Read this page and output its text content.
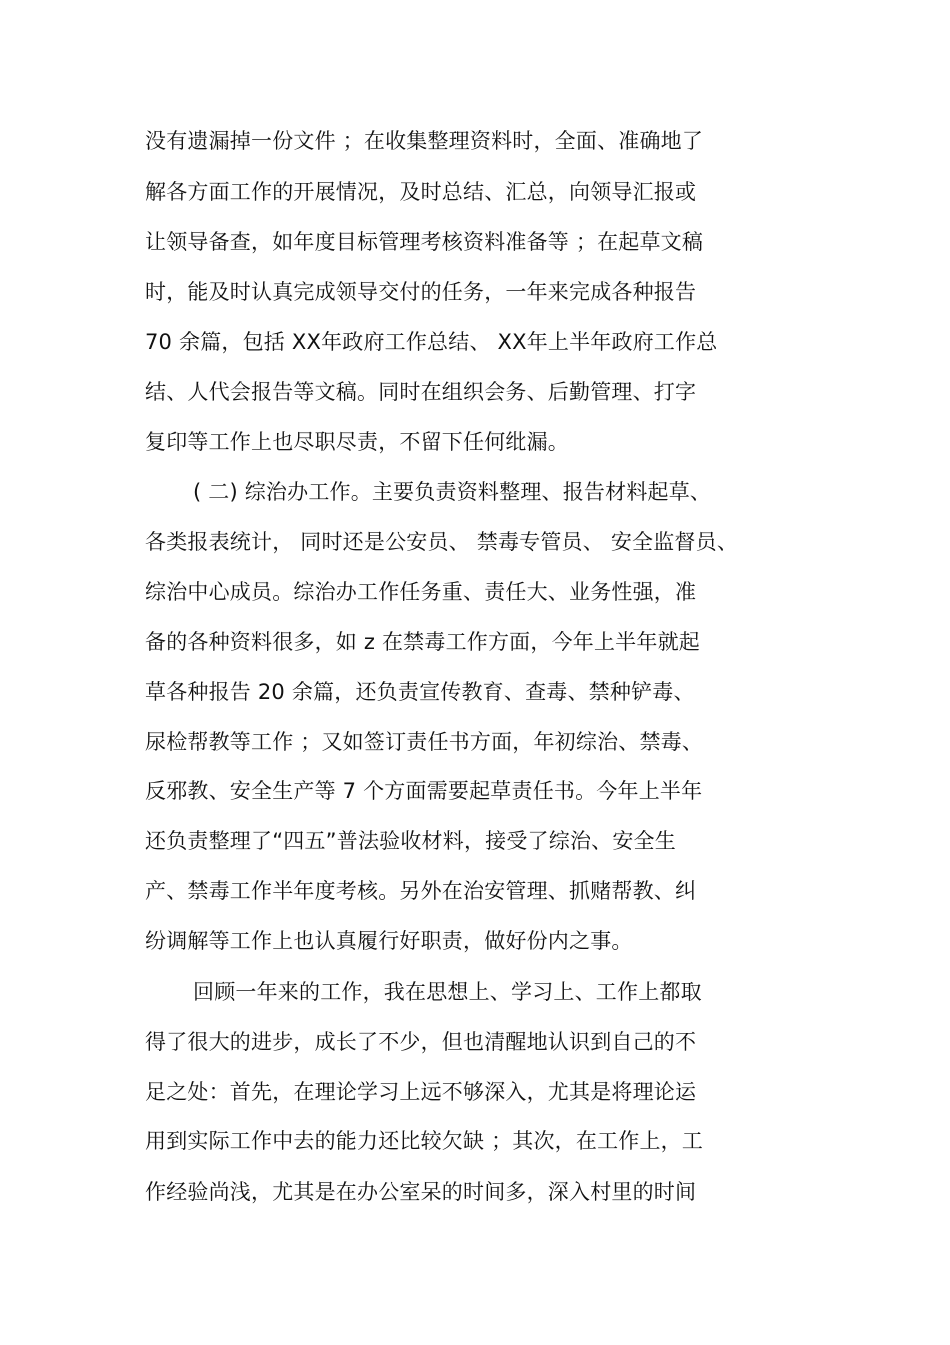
没有遗漏掉一份文件 ；在收集整理资料时，全面、准确地了
解各方面工作的开展情况，及时总结、汇总，向领导汇报或
让领导备查，如年度目标管理考核资料准备等 ；在起草文稿
时，能及时认真完成领导交付的任务，一年来完成各种报告
70 余篇，包括 XX年政府工作总结、 XX年上半年政府工作总
结、人代会报告等文稿。同时在组织会务、后勤管理、打字
复印等工作上也尽职尽责，不留下任何纰漏。
( 二) 综治办工作。主要负责资料整理、报告材料起草、
各类报表统计， 同时还是公安员、 禁毒专管员、 安全监督员、
综治中心成员。综治办工作任务重、责任大、业务性强，准
备的各种资料很多，如 z 在禁毒工作方面，今年上半年就起
草各种报告 20 余篇，还负责宣传教育、查毒、禁种铲毒、
尿检帮教等工作 ；又如签订责任书方面，年初综治、禁毒、
反邪教、安全生产等 7 个方面需要起草责任书。今年上半年
还负责整理了“四五”普法验收材料，接受了综治、安全生
产、禁毒工作半年度考核。另外在治安管理、抓赌帮教、纠
纷调解等工作上也认真履行好职责，做好份内之事。
回顾一年来的工作，我在思想上、学习上、工作上都取
得了很大的进步，成长了不少，但也清醒地认识到自己的不
足之处：首先，在理论学习上远不够深入，尤其是将理论运
用到实际工作中去的能力还比较欠缺 ；其次，在工作上，工
作经验尚浅，尤其是在办公室呆的时间多，深入村里的时间
